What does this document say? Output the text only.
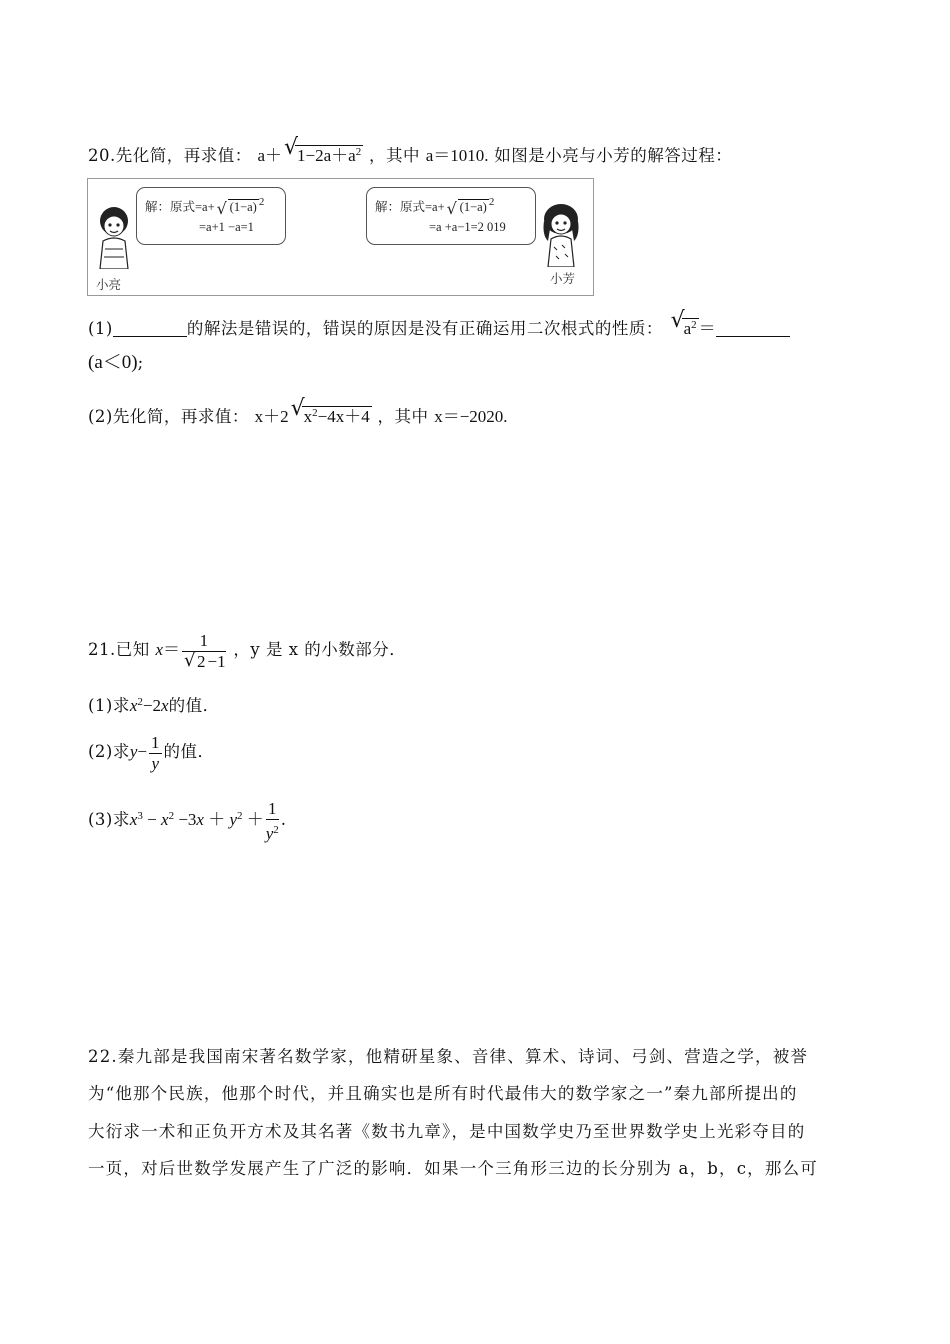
20.先化简，再求值： a＋ √
$1-2a+a^2$ ，其中 a＝1010. 如图是小亮与小芳的解答过程：
小亮
解：原式=a+ √ (1−a) 2
=a+1 −a=1
解：原式=a+ √ (1−a) 2
=a +a−1=2 019
小芳
(1)	的解法是错误的，错误的原因是没有正确运用二次根式的性质： √
$a^2$ ＝
(a＜0);
(2)先化简，再求值： x＋2 √
$x^2-4x+4$ ，其中 x＝−2020.
21.已知 $x= \frac{1}{√ 2 -1}$ ，y 是 x 的小数部分．
(1)求$x^2-2x$的值．
(2)求$y- \frac{1}{y}$ 的值．
(3)求$x^3 - x^2 -3x + y^2 + \frac{1}{y^2}$ .
22.秦九部是我国南宋著名数学家，他精研星象、音律、算术、诗词、弓剑、营造之学，被誉
为“他那个民族，他那个时代，并且确实也是所有时代最伟大的数学家之一”秦九部所提出的
大衍求一术和正负开方术及其名著《数书九章》，是中国数学史乃至世界数学史上光彩夺目的
一页，对后世数学发展产生了广泛的影响．如果一个三角形三边的长分别为 a，b，c，那么可
